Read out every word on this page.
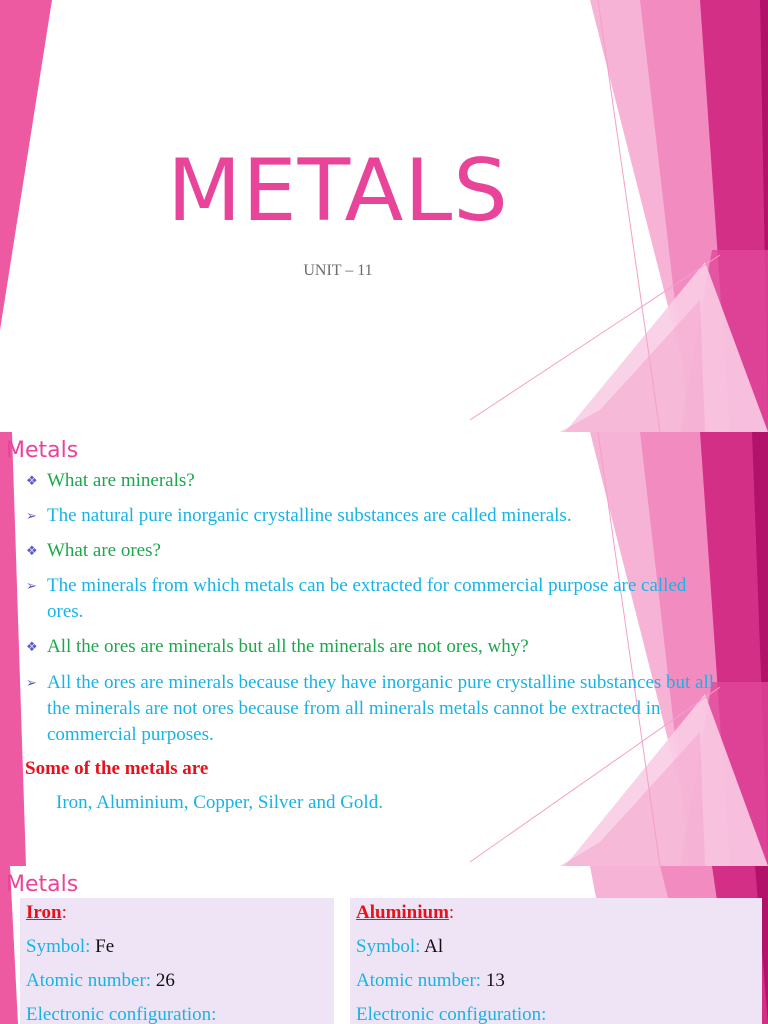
METALS

UNIT – 11

Metals

❖ What are minerals?

➢ The natural pure inorganic crystalline substances are called minerals.

❖ What are ores?

➢ The minerals from which metals can be extracted for commercial purpose are called ores.

❖ All the ores are minerals but all the minerals are not ores, why?

➢ All the ores are minerals because they have inorganic pure crystalline substances but all the minerals are not ores because from all minerals metals cannot be extracted in commercial purposes.

Some of the metals are

Iron, Aluminium, Copper, Silver and Gold.

Metals

Iron:

Symbol: Fe

Atomic number: 26

Electronic configuration:

Aluminium:

Symbol: Al

Atomic number: 13

Electronic configuration:
